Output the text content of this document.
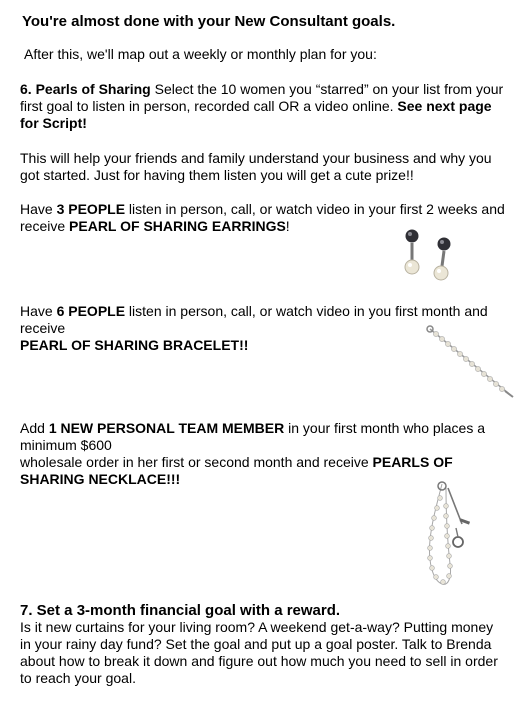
You're almost done with your New Consultant goals.

After this, we'll map out a weekly or monthly plan for you:

6. Pearls of Sharing Select the 10 women you “starred” on your list from your first goal to listen in person, recorded call OR a video online. See next page for Script!

This will help your friends and family understand your business and why you got started. Just for having them listen you will get a cute prize!!

Have 3 PEOPLE listen in person, call, or watch video in your first 2 weeks and receive PEARL OF SHARING EARRINGS!

Have 6 PEOPLE listen in person, call, or watch video in you first month and receive
PEARL OF SHARING BRACELET!!

Add 1 NEW PERSONAL TEAM MEMBER in your first month who places a minimum $600
wholesale order in her first or second month and receive PEARLS OF SHARING NECKLACE!!!

7. Set a 3-month financial goal with a reward.
Is it new curtains for your living room? A weekend get-a-way? Putting money in your rainy day fund? Set the goal and put up a goal poster. Talk to Brenda about how to break it down and figure out how much you need to sell in order to reach your goal.
